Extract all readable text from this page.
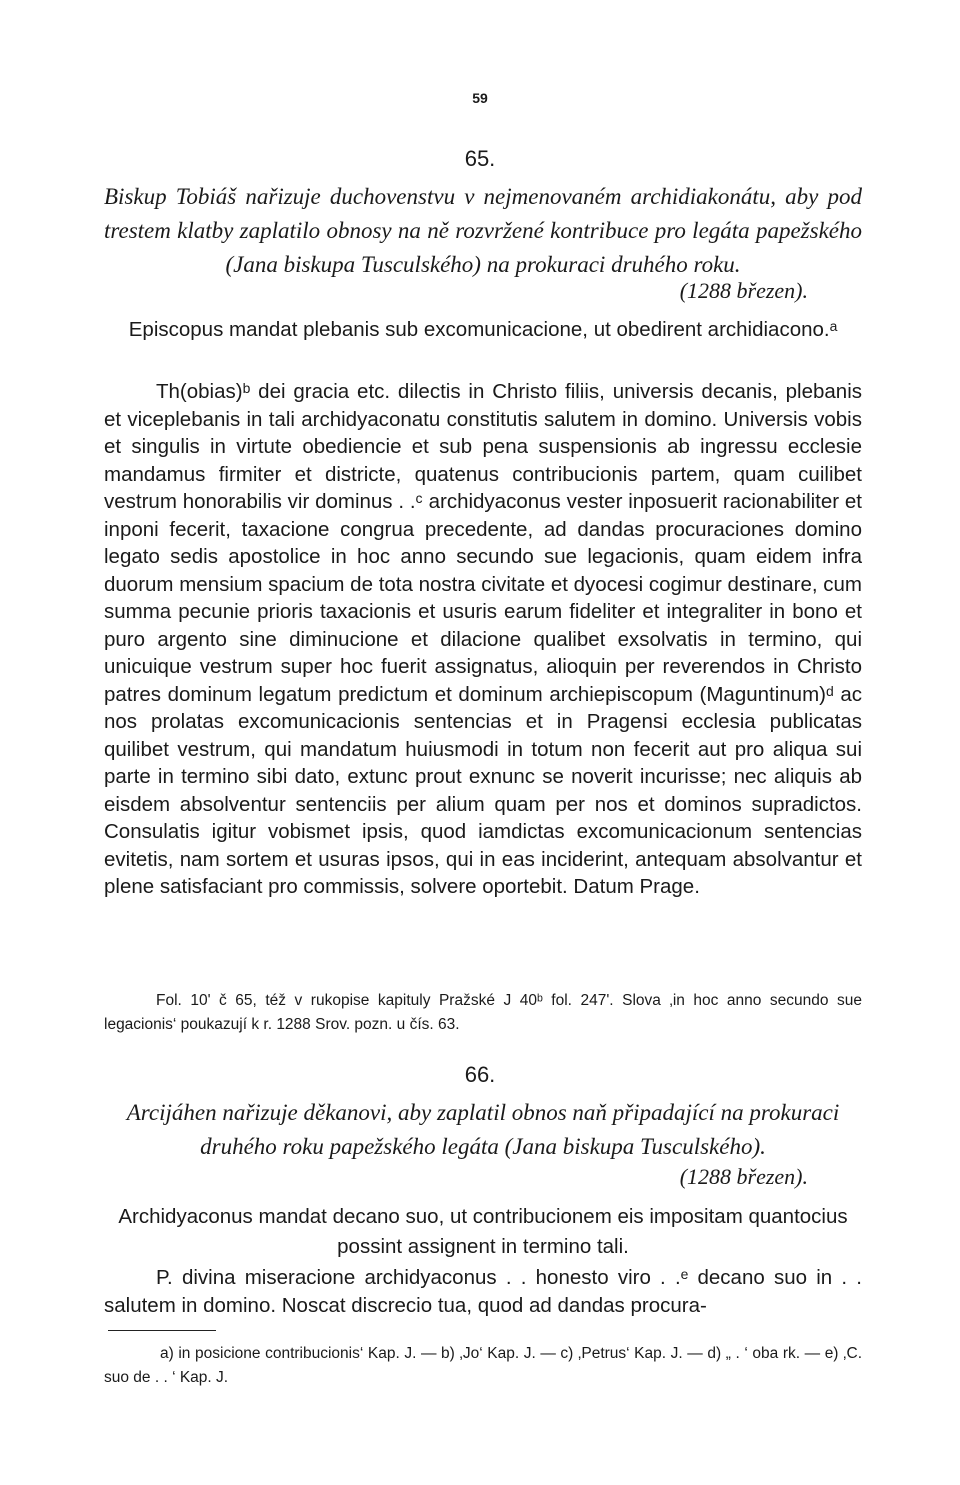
59
65.
Biskup Tobiáš nařizuje duchovenstvu v nejmenovaném archidiakonátu, aby pod trestem klatby zaplatilo obnosy na ně rozvržené kontribuce pro legáta papežského (Jana biskupa Tusculského) na prokuraci druhého roku.
(1288 březen).
Episcopus mandat plebanis sub excomunicacione, ut obedirent archidiacono.ᵃ

Th(obias)ᵇ dei gracia etc. dilectis in Christo filiis, universis decanis, plebanis et viceplebanis in tali archidyaconatu constitutis salutem in domino. Universis vobis et singulis in virtute obediencie et sub pena suspensionis ab ingressu ecclesie mandamus firmiter et districte, quatenus contribucionis partem, quam cuilibet vestrum honorabilis vir dominus . .ᶜ archidyaconus vester inposuerit racionabiliter et inponi fecerit, taxacione congrua precedente, ad dandas procuraciones domino legato sedis apostolice in hoc anno secundo sue legacionis, quam eidem infra duorum mensium spacium de tota nostra civitate et dyocesi cogimur destinare, cum summa pecunie prioris taxacionis et usuris earum fideliter et integraliter in bono et puro argento sine diminucione et dilacione qualibet exsolvatis in termino, qui unicuique vestrum super hoc fuerit assignatus, alioquin per reverendos in Christo patres dominum legatum predictum et dominum archiepiscopum (Maguntinum)ᵈ ac nos prolatas excomunicacionis sentencias et in Pragensi ecclesia publicatas quilibet vestrum, qui mandatum huiusmodi in totum non fecerit aut pro aliqua sui parte in termino sibi dato, extunc prout exnunc se noverit incurisse; nec aliquis ab eisdem absolventur sentenciis per alium quam per nos et dominos supradictos. Consulatis igitur vobismet ipsis, quod iamdictas excomunicacionum sentencias evitetis, nam sortem et usuras ipsos, qui in eas inciderint, antequam absolvantur et plene satisfaciant pro commissis, solvere oportebit. Datum Prage.

Fol. 10' č 65, též v rukopise kapituly Pražské J 40ᵇ fol. 247'. Slova ‚in hoc anno secundo sue legacionis‘ poukazují k r. 1288 Srov. pozn. u čís. 63.

66.
Arcijáhen nařizuje děkanovi, aby zaplatil obnos naň připadající na prokuraci druhého roku papežského legáta (Jana biskupa Tusculského).
(1288 březen).
Archidyaconus mandat decano suo, ut contribucionem eis impositam quantocius possint assignent in termino tali.

P. divina miseracione archidyaconus . . honesto viro . .ᵉ decano suo in . . salutem in domino. Noscat discrecio tua, quod ad dandas procura-

a) in posicione contribucionis‘ Kap. J. — b) ‚Jo‘ Kap. J. — c) ‚Petrus‘ Kap. J. — d) „ . ‘ oba rk. — e) ‚C. suo de . . ‘ Kap. J.
